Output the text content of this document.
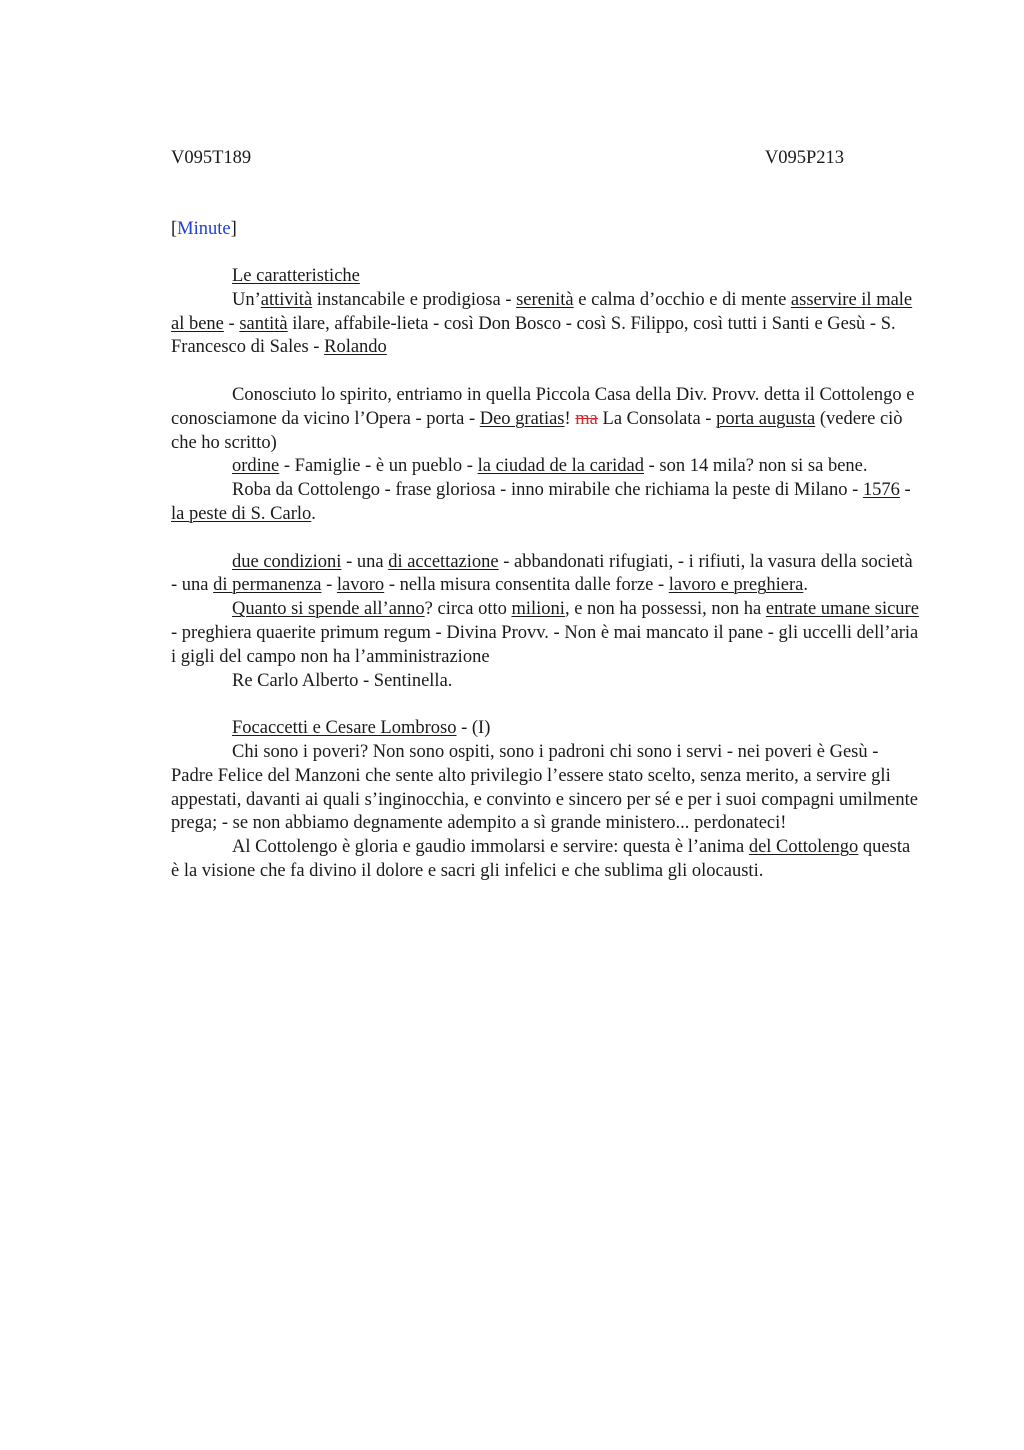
V095T189	V095P213
[Minute]

Le caratteristiche

Un’attività instancabile e prodigiosa - serenità e calma d’occhio e di mente asservire il male al bene - santità ilare, affabile-lieta - così Don Bosco - così S. Filippo, così tutti i Santi e Gesù - S. Francesco di Sales - Rolando

Conosciuto lo spirito, entriamo in quella Piccola Casa della Div. Provv. detta il Cottolengo e conosciamone da vicino l’Opera - porta - Deo gratias! ma La Consolata - porta augusta (vedere ciò che ho scritto)

ordine - Famiglie - è un pueblo - la ciudad de la caridad - son 14 mila? non si sa bene.

Roba da Cottolengo - frase gloriosa - inno mirabile che richiama la peste di Milano - 1576 - la peste di S. Carlo.

due condizioni - una di accettazione - abbandonati rifugiati, - i rifiuti, la vasura della società - una di permanenza - lavoro - nella misura consentita dalle forze - lavoro e preghiera.

Quanto si spende all’anno? circa otto milioni, e non ha possessi, non ha entrate umane sicure - preghiera quaerite primum regum - Divina Provv. - Non è mai mancato il pane - gli uccelli dell’aria i gigli del campo non ha l’amministrazione

Re Carlo Alberto - Sentinella.

Focaccetti e Cesare Lombroso - (I)

Chi sono i poveri? Non sono ospiti, sono i padroni chi sono i servi - nei poveri è Gesù - Padre Felice del Manzoni che sente alto privilegio l’essere stato scelto, senza merito, a servire gli appestati, davanti ai quali s’inginocchia, e convinto e sincero per sé e per i suoi compagni umilmente prega; - se non abbiamo degnamente adempito a sì grande ministero... perdonateci!

Al Cottolengo è gloria e gaudio immolarsi e servire: questa è l’anima del Cottolengo questa è la visione che fa divino il dolore e sacri gli infelici e che sublima gli olocausti.
